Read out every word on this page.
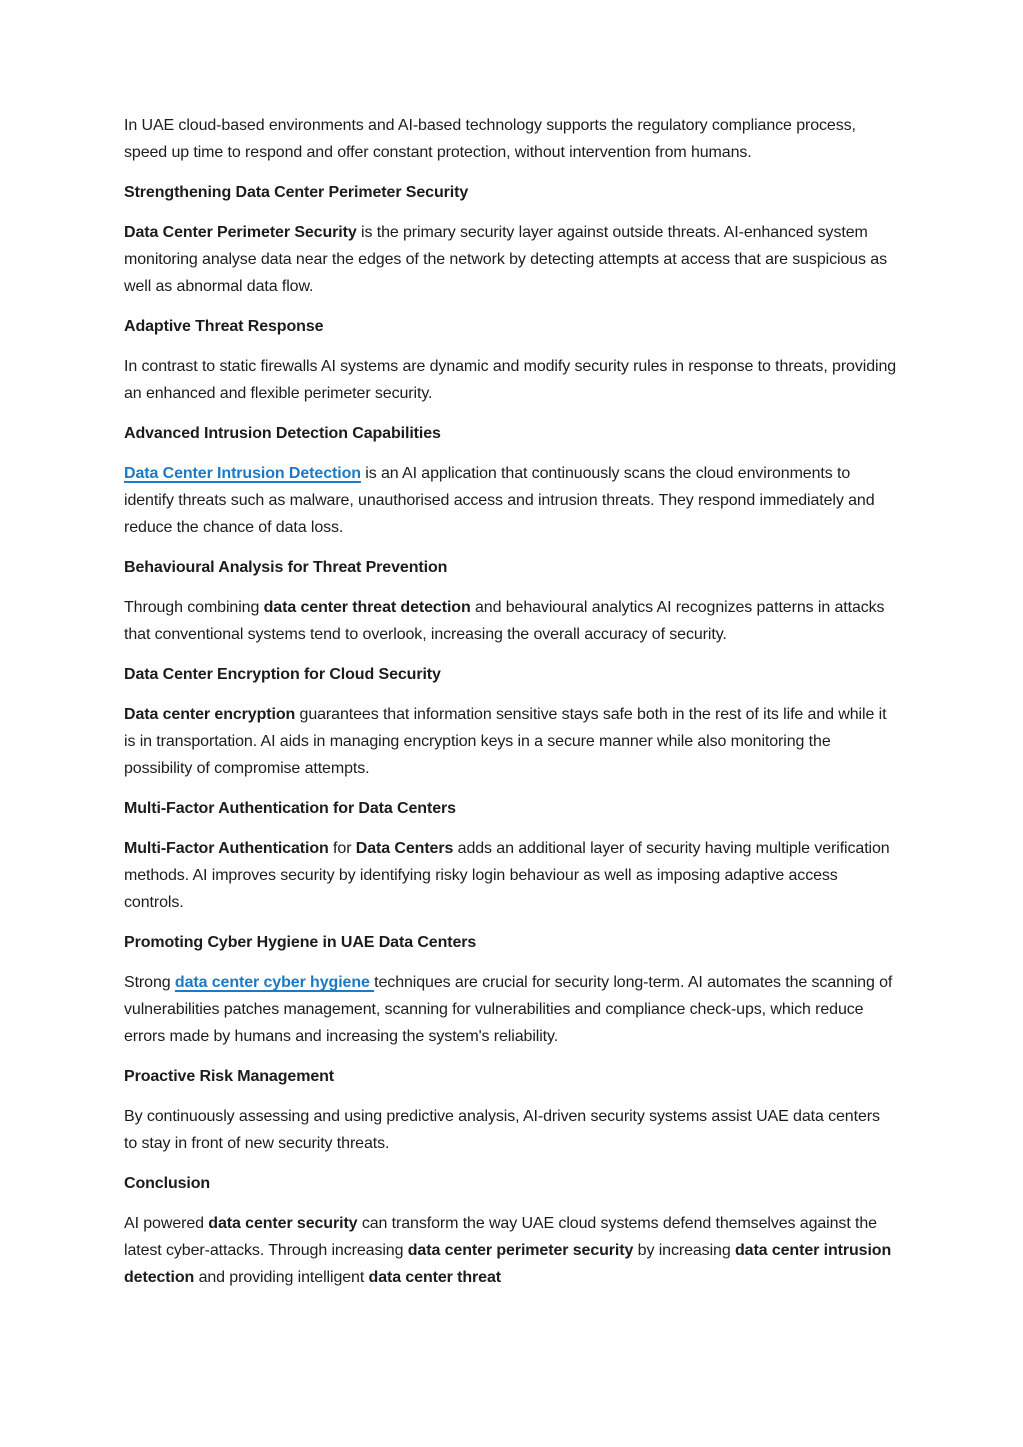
In UAE cloud-based environments and AI-based technology supports the regulatory compliance process, speed up time to respond and offer constant protection, without intervention from humans.

Strengthening Data Center Perimeter Security

Data Center Perimeter Security is the primary security layer against outside threats. AI-enhanced system monitoring analyse data near the edges of the network by detecting attempts at access that are suspicious as well as abnormal data flow.

Adaptive Threat Response

In contrast to static firewalls AI systems are dynamic and modify security rules in response to threats, providing an enhanced and flexible perimeter security.

Advanced Intrusion Detection Capabilities

Data Center Intrusion Detection is an AI application that continuously scans the cloud environments to identify threats such as malware, unauthorised access and intrusion threats. They respond immediately and reduce the chance of data loss.

Behavioural Analysis for Threat Prevention

Through combining data center threat detection and behavioural analytics AI recognizes patterns in attacks that conventional systems tend to overlook, increasing the overall accuracy of security.

Data Center Encryption for Cloud Security

Data center encryption guarantees that information sensitive stays safe both in the rest of its life and while it is in transportation. AI aids in managing encryption keys in a secure manner while also monitoring the possibility of compromise attempts.

Multi-Factor Authentication for Data Centers

Multi-Factor Authentication for Data Centers adds an additional layer of security having multiple verification methods. AI improves security by identifying risky login behaviour as well as imposing adaptive access controls.

Promoting Cyber Hygiene in UAE Data Centers

Strong data center cyber hygiene techniques are crucial for security long-term. AI automates the scanning of vulnerabilities patches management, scanning for vulnerabilities and compliance check-ups, which reduce errors made by humans and increasing the system's reliability.

Proactive Risk Management

By continuously assessing and using predictive analysis, AI-driven security systems assist UAE data centers to stay in front of new security threats.

Conclusion

AI powered data center security can transform the way UAE cloud systems defend themselves against the latest cyber-attacks. Through increasing data center perimeter security by increasing data center intrusion detection and providing intelligent data center threat
